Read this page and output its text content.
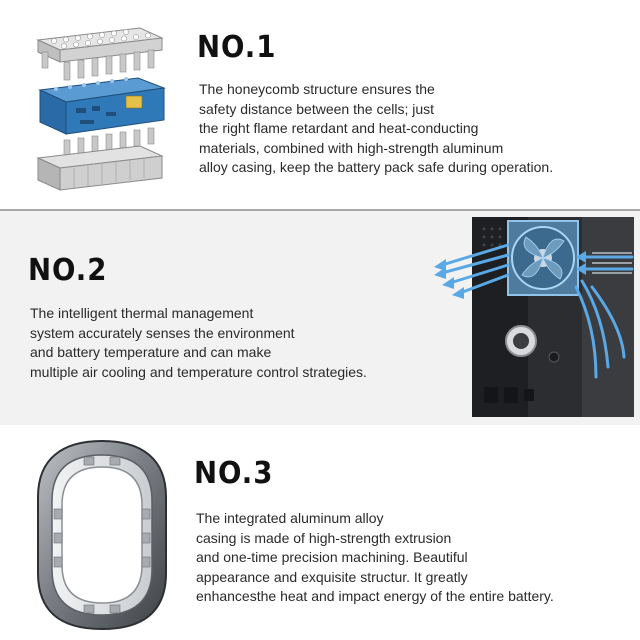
NO.1

The honeycomb structure ensures the
safety distance between the cells; just
the right flame retardant and heat-conducting
materials, combined with high-strength aluminum
alloy casing, keep the battery pack safe during operation.

NO.2

The intelligent thermal management
system accurately senses the environment
and battery temperature and can make
multiple air cooling and temperature control strategies.

NO.3

The integrated aluminum alloy
casing is made of high-strength extrusion
and one-time precision machining. Beautiful
appearance and exquisite structur. It greatly
enhancesthe heat and impact energy of the entire battery.
